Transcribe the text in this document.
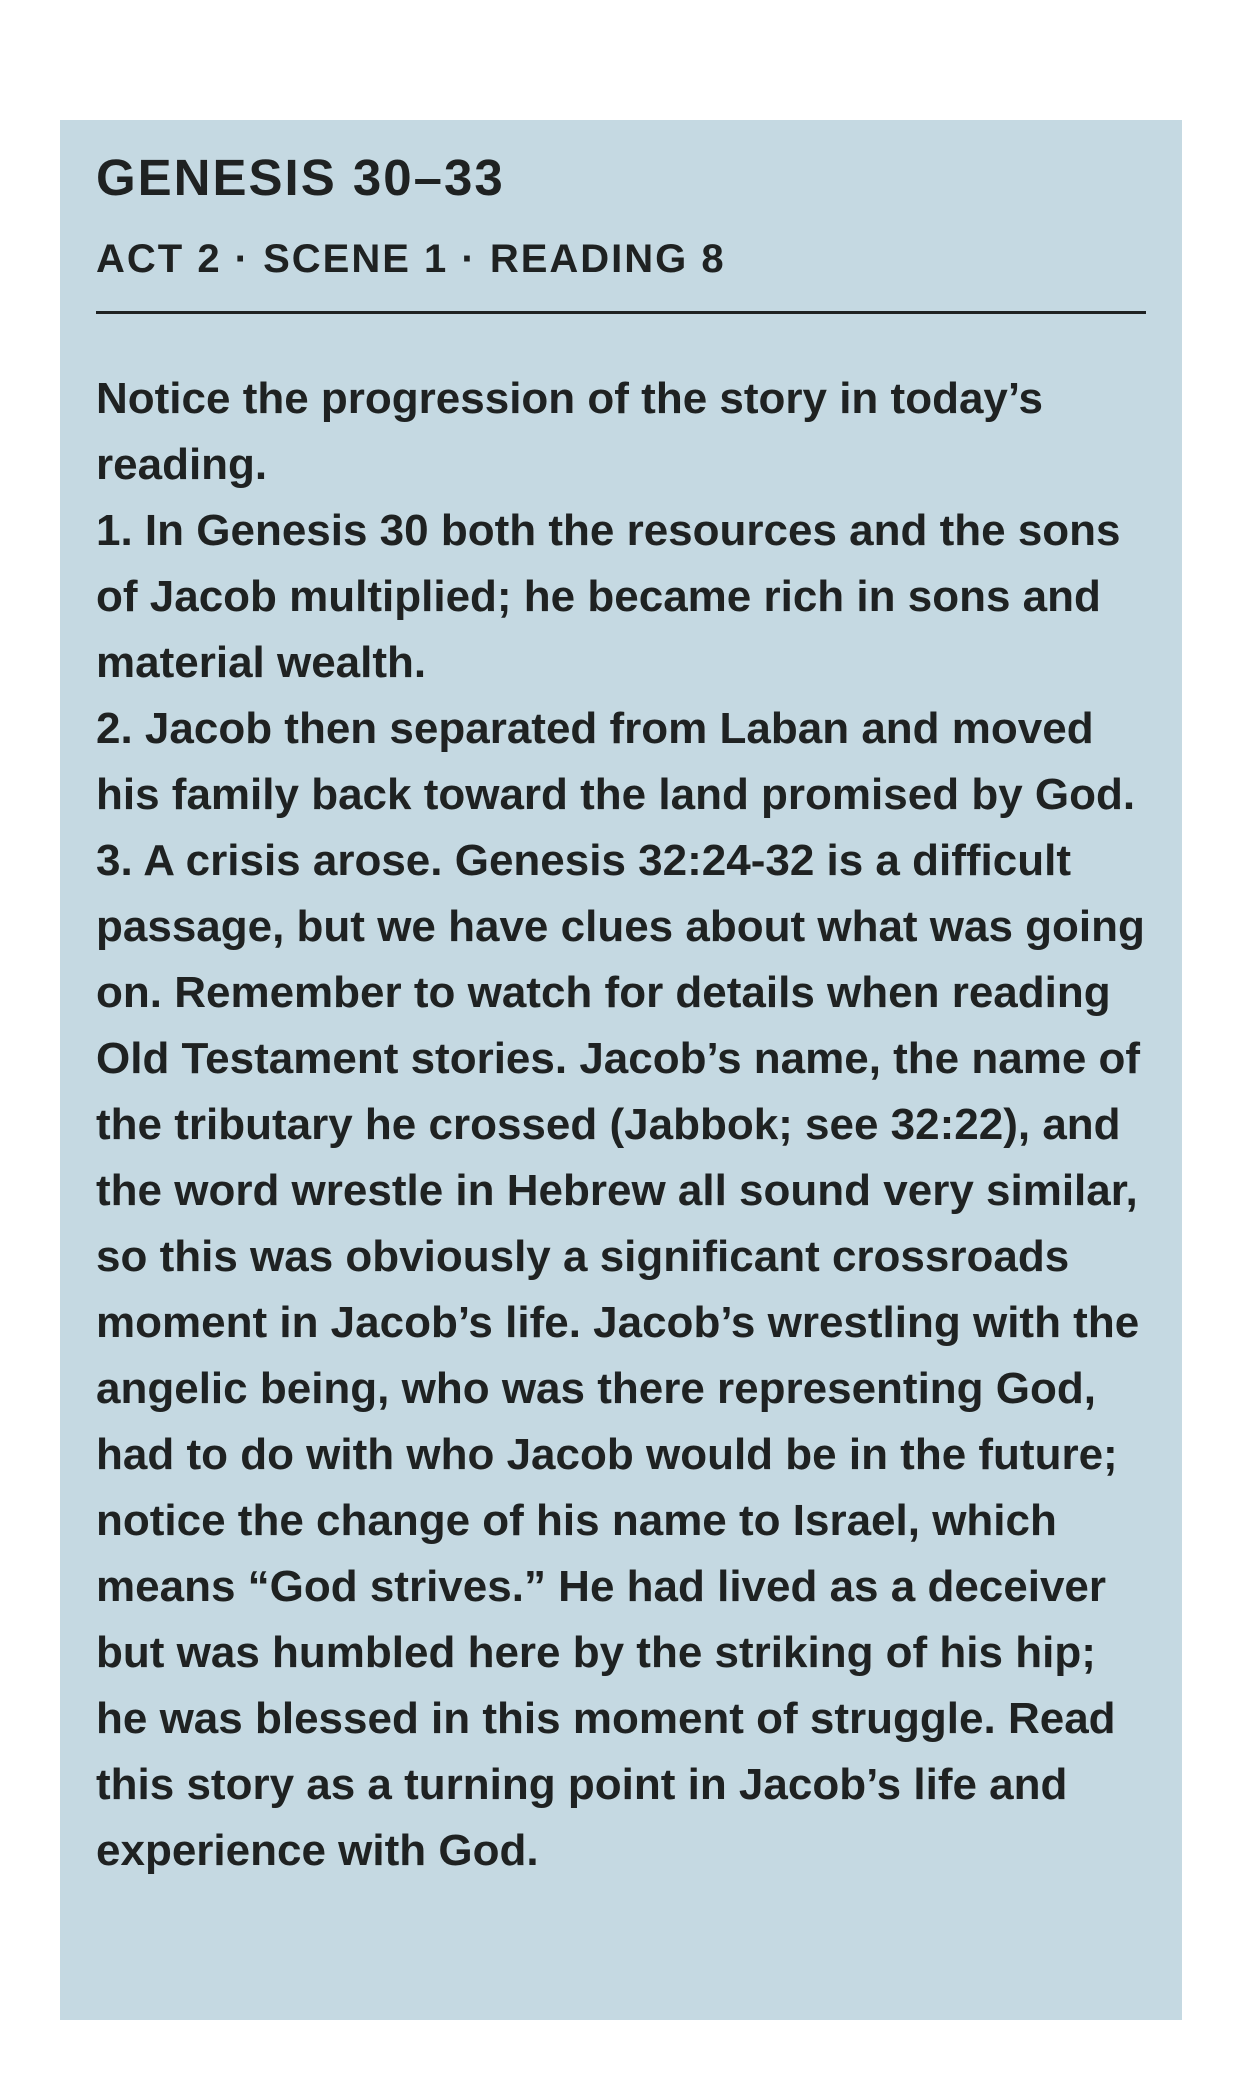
GENESIS 30–33
ACT 2 · SCENE 1 · READING 8

Notice the progression of the story in today’s reading.

1. In Genesis 30 both the resources and the sons of Jacob multiplied; he became rich in sons and material wealth.

2. Jacob then separated from Laban and moved his family back toward the land promised by God.

3. A crisis arose. Genesis 32:24-32 is a difficult passage, but we have clues about what was going on. Remember to watch for details when reading Old Testament stories. Jacob’s name, the name of the tributary he crossed (Jabbok; see 32:22), and the word wrestle in Hebrew all sound very similar, so this was obviously a significant crossroads moment in Jacob’s life. Jacob’s wrestling with the angelic being, who was there representing God, had to do with who Jacob would be in the future; notice the change of his name to Israel, which means “God strives.” He had lived as a deceiver but was humbled here by the striking of his hip; he was blessed in this moment of struggle. Read this story as a turning point in Jacob’s life and experience with God.
